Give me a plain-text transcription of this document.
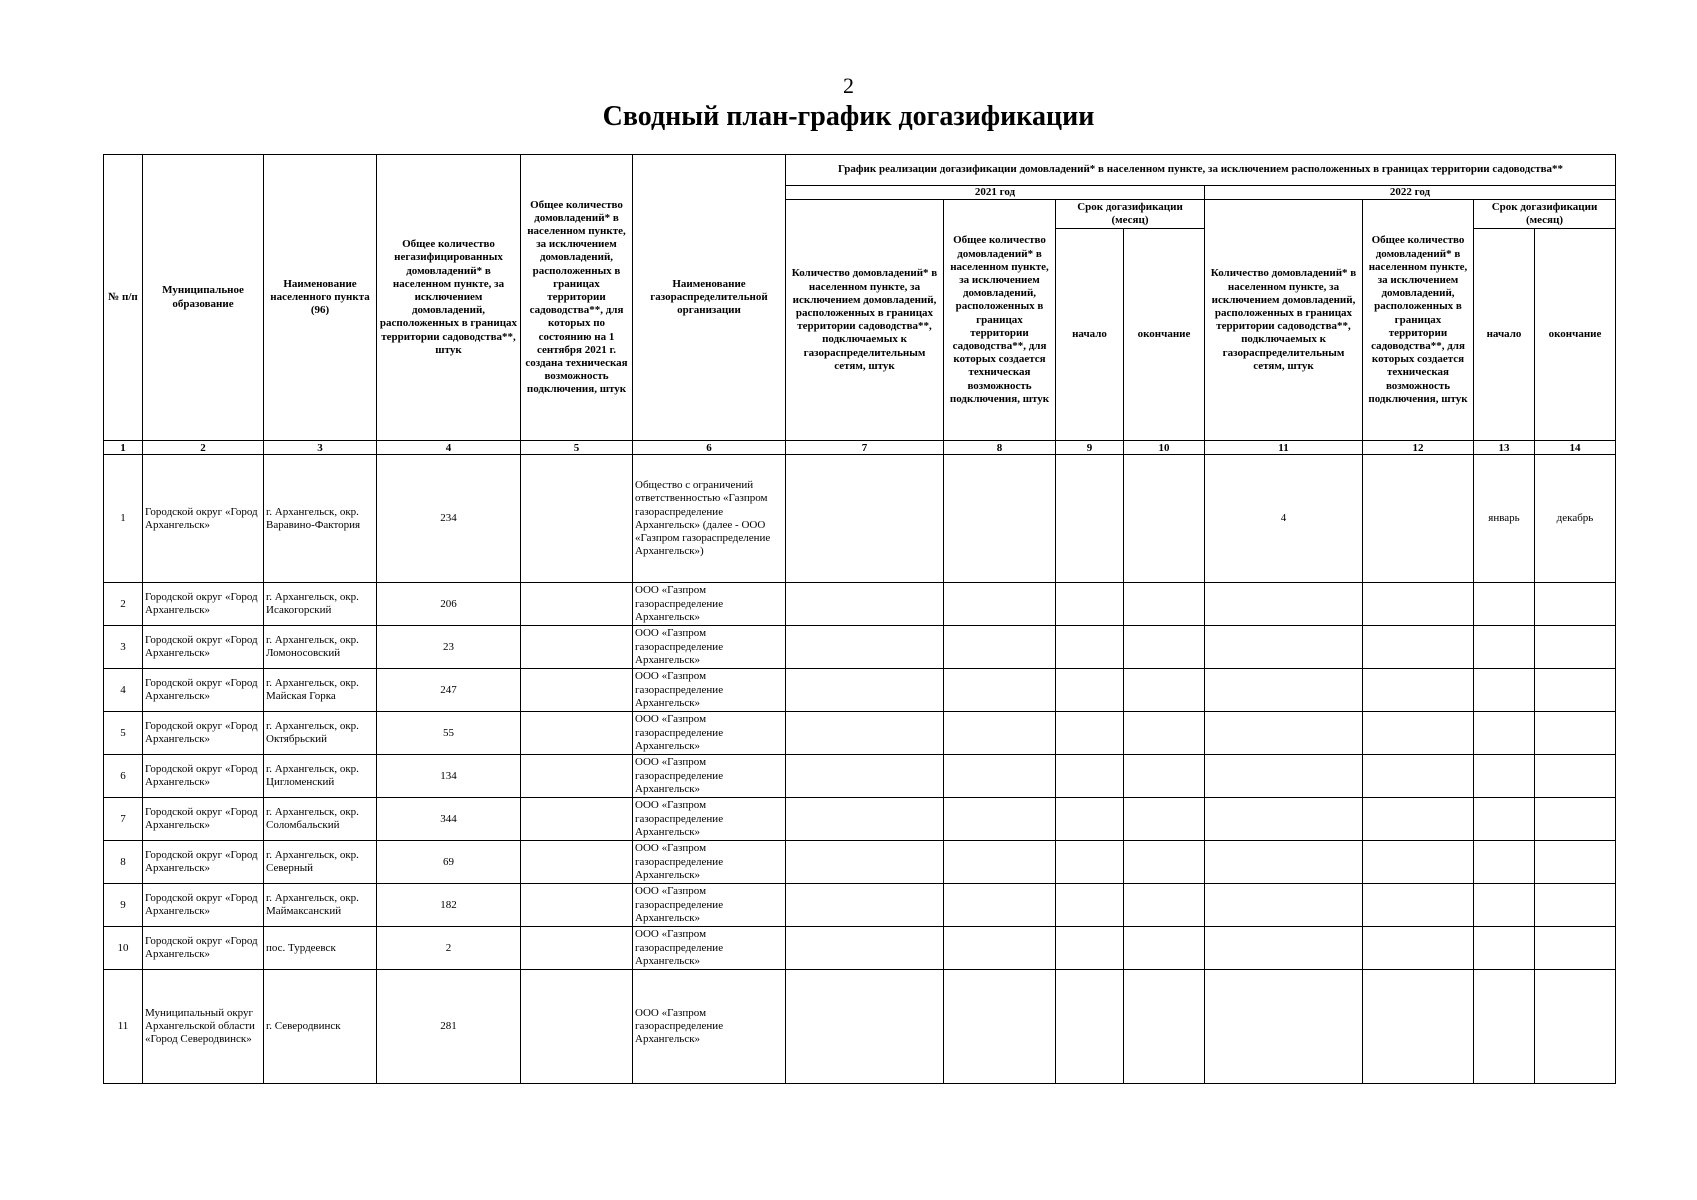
2
Сводный план-график догазификации
№ п/п	Муниципальное образование	Наименование населенного пункта (96)	Общее количество негазифицированных домовладений* в населенном пункте, за исключением домовладений, расположенных в границах территории садоводства**, штук	Общее количество домовладений* в населенном пункте, за исключением домовладений, расположенных в границах территории садоводства**, для которых по состоянию на 1 сентября 2021 г. создана техническая возможность подключения, штук	Наименование газораспределительной организации	График реализации догазификации домовладений* в населенном пункте, за исключением расположенных в границах территории садоводства**							
						2021 год				2022 год			
						Количество домовладений* в населенном пункте, за исключением домовладений, расположенных в границах территории садоводства**, подключаемых к газораспределительным сетям, штук	Общее количество домовладений* в населенном пункте, за исключением домовладений, расположенных в границах территории садоводства**, для которых создается техническая возможность подключения, штук	Срок догазификации (месяц)		Количество домовладений* в населенном пункте, за исключением домовладений, расположенных в границах территории садоводства**, подключаемых к газораспределительным сетям, штук	Общее количество домовладений* в населенном пункте, за исключением домовладений, расположенных в границах территории садоводства**, для которых создается техническая возможность подключения, штук	Срок догазификации (месяц)	
								начало	окончание			начало	окончание
1	2	3	4	5	6	7	8	9	10	11	12	13	14
1	Городской округ «Город Архангельск»	г. Архангельск, окр. Варавино-Фактория	234		Общество с ограничений ответственностью «Газпром газораспределение Архангельск» (далее - ООО «Газпром газораспределение Архангельск»)					4		январь	декабрь
2	Городской округ «Город Архангельск»	г. Архангельск, окр. Исакогорский	206		ООО «Газпром газораспределение Архангельск»								
3	Городской округ «Город Архангельск»	г. Архангельск, окр. Ломоносовский	23		ООО «Газпром газораспределение Архангельск»								
4	Городской округ «Город Архангельск»	г. Архангельск, окр. Майская Горка	247		ООО «Газпром газораспределение Архангельск»								
5	Городской округ «Город Архангельск»	г. Архангельск, окр. Октябрьский	55		ООО «Газпром газораспределение Архангельск»								
6	Городской округ «Город Архангельск»	г. Архангельск, окр. Цигломенский	134		ООО «Газпром газораспределение Архангельск»								
7	Городской округ «Город Архангельск»	г. Архангельск, окр. Соломбальский	344		ООО «Газпром газораспределение Архангельск»								
8	Городской округ «Город Архангельск»	г. Архангельск, окр. Северный	69		ООО «Газпром газораспределение Архангельск»								
9	Городской округ «Город Архангельск»	г. Архангельск, окр. Маймаксанский	182		ООО «Газпром газораспределение Архангельск»								
10	Городской округ «Город Архангельск»	пос. Турдеевск	2		ООО «Газпром газораспределение Архангельск»								
11	Муниципальный округ Архангельской области «Город Северодвинск»	г. Северодвинск	281		ООО «Газпром газораспределение Архангельск»								
